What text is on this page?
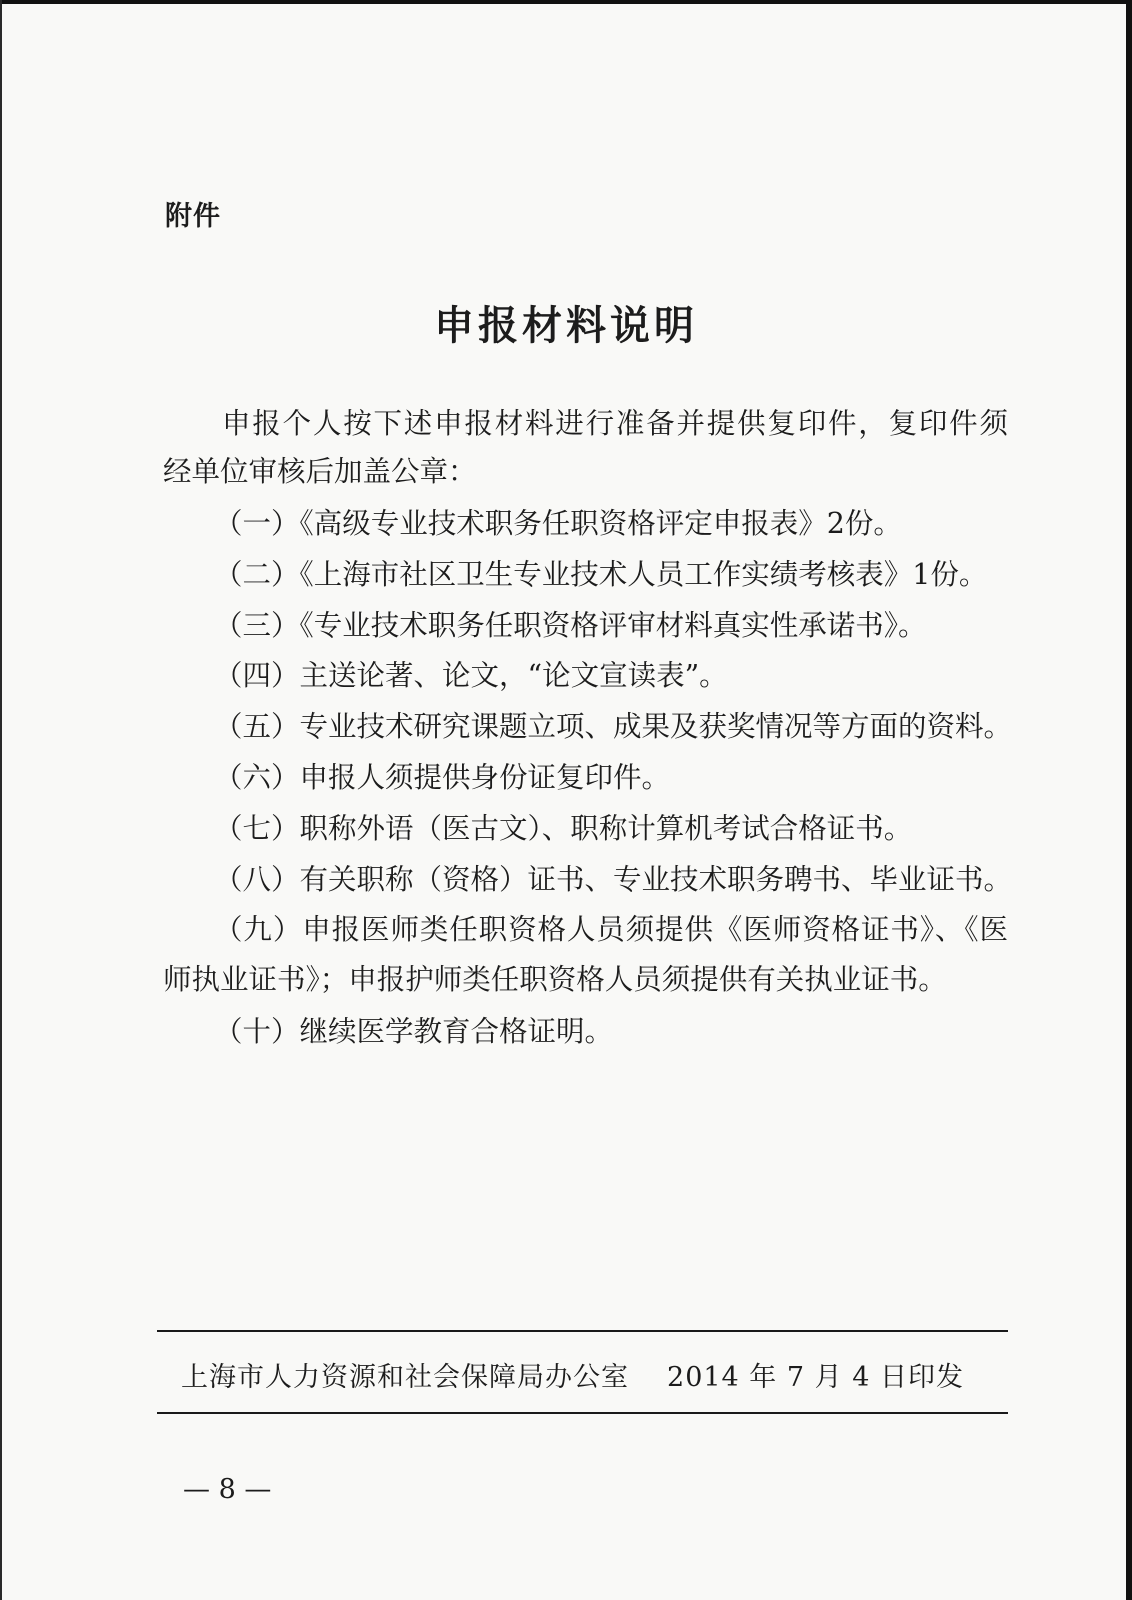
附件
申报材料说明
申报个人按下述申报材料进行准备并提供复印件，复印件须
经单位审核后加盖公章：
（一）《高级专业技术职务任职资格评定申报表》2份。
（二）《上海市社区卫生专业技术人员工作实绩考核表》1份。
（三）《专业技术职务任职资格评审材料真实性承诺书》。
（四）主送论著、论文，“论文宣读表”。
（五）专业技术研究课题立项、成果及获奖情况等方面的资料。
（六）申报人须提供身份证复印件。
（七）职称外语（医古文）、职称计算机考试合格证书。
（八）有关职称（资格）证书、专业技术职务聘书、毕业证书。
（九）申报医师类任职资格人员须提供《医师资格证书》、《医
师执业证书》；申报护师类任职资格人员须提供有关执业证书。
（十）继续医学教育合格证明。
上海市人力资源和社会保障局办公室 2014 年 7 月 4 日印发
— 8 —
